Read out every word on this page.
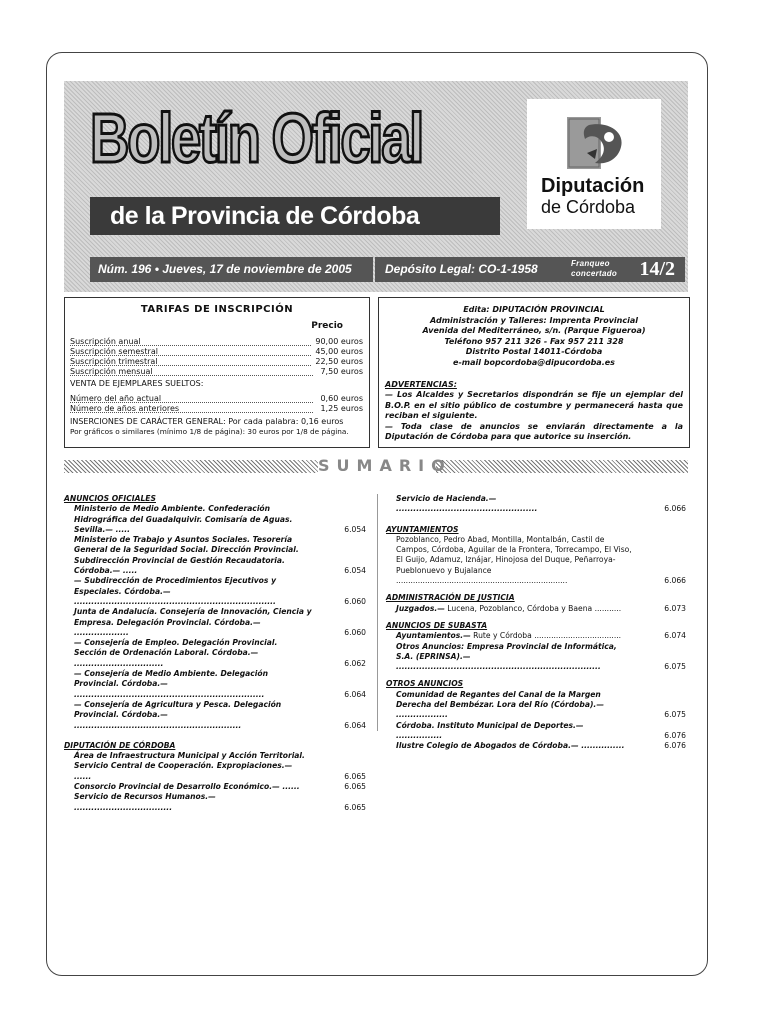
Boletín Oficial
de la Provincia de Córdoba
Diputación
de Córdoba
Núm. 196 • Jueves, 17 de noviembre de 2005	Depósito Legal: CO-1-1958	Franqueo
concertado 14/2
TARIFAS DE INSCRIPCIÓN
Precio
Suscripción anual	90,00 euros
Suscripción semestral	45,00 euros
Suscripción trimestral	22,50 euros
Suscripción mensual	7,50 euros
VENTA DE EJEMPLARES SUELTOS:
Número del año actual	0,60 euros
Número de años anteriores	1,25 euros
INSERCIONES DE CARÁCTER GENERAL: Por cada palabra: 0,16 euros
Por gráficos o similares (mínimo 1/8 de página): 30 euros por 1/8 de página.
Edita: DIPUTACIÓN PROVINCIAL
Administración y Talleres: Imprenta Provincial
Avenida del Mediterráneo, s/n. (Parque Figueroa)
Teléfono 957 211 326 - Fax 957 211 328
Distrito Postal 14011-Córdoba
e-mail bopcordoba@dipucordoba.es
ADVERTENCIAS:
— Los Alcaldes y Secretarios dispondrán se fije un ejemplar del B.O.P. en el sitio público de costumbre y permanecerá hasta que reciban el siguiente.
— Toda clase de anuncios se enviarán directamente a la Diputación de Córdoba para que autorice su inserción.
SUMARIO
ANUNCIOS OFICIALES
Ministerio de Medio Ambiente. Confederación Hidrográfica del Guadalquivir. Comisaría de Aguas. Sevilla.— .....	6.054
Ministerio de Trabajo y Asuntos Sociales. Tesorería General de la Seguridad Social. Dirección Provincial. Subdirección Provincial de Gestión Recaudatoria. Córdoba.— .....	6.054
— Subdirección de Procedimientos Ejecutivos y Especiales. Córdoba.— ......................................................................	6.060
Junta de Andalucía. Consejería de Innovación, Ciencia y Empresa. Delegación Provincial. Córdoba.— ...................	6.060
— Consejería de Empleo. Delegación Provincial. Sección de Ordenación Laboral. Córdoba.— ...............................	6.062
— Consejería de Medio Ambiente. Delegación Provincial. Córdoba.— ..................................................................	6.064
— Consejería de Agricultura y Pesca. Delegación Provincial. Córdoba.— ..........................................................	6.064
DIPUTACIÓN DE CÓRDOBA
Área de Infraestructura Municipal y Acción Territorial. Servicio Central de Cooperación. Expropiaciones.— ......	6.065
Consorcio Provincial de Desarrollo Económico.— ......	6.065
Servicio de Recursos Humanos.— ..................................	6.065
Servicio de Hacienda.— .................................................	6.066
AYUNTAMIENTOS
Pozoblanco, Pedro Abad, Montilla, Montalbán, Castil de Campos, Córdoba, Aguilar de la Frontera, Torrecampo, El Viso, El Guijo, Adamuz, Iznájar, Hinojosa del Duque, Peñarroya-Pueblonuevo y Bujalance .......................................................................	6.066
ADMINISTRACIÓN DE JUSTICIA
Juzgados.— Lucena, Pozoblanco, Córdoba y Baena ...........	6.073
ANUNCIOS DE SUBASTA
Ayuntamientos.— Rute y Córdoba ....................................	6.074
Otros Anuncios: Empresa Provincial de Informática, S.A. (EPRINSA).— .......................................................................	6.075
OTROS ANUNCIOS
Comunidad de Regantes del Canal de la Margen Derecha del Bembézar. Lora del Río (Córdoba).— ..................	6.075
Córdoba. Instituto Municipal de Deportes.— ................	6.076
Ilustre Colegio de Abogados de Córdoba.— ...............	6.076
